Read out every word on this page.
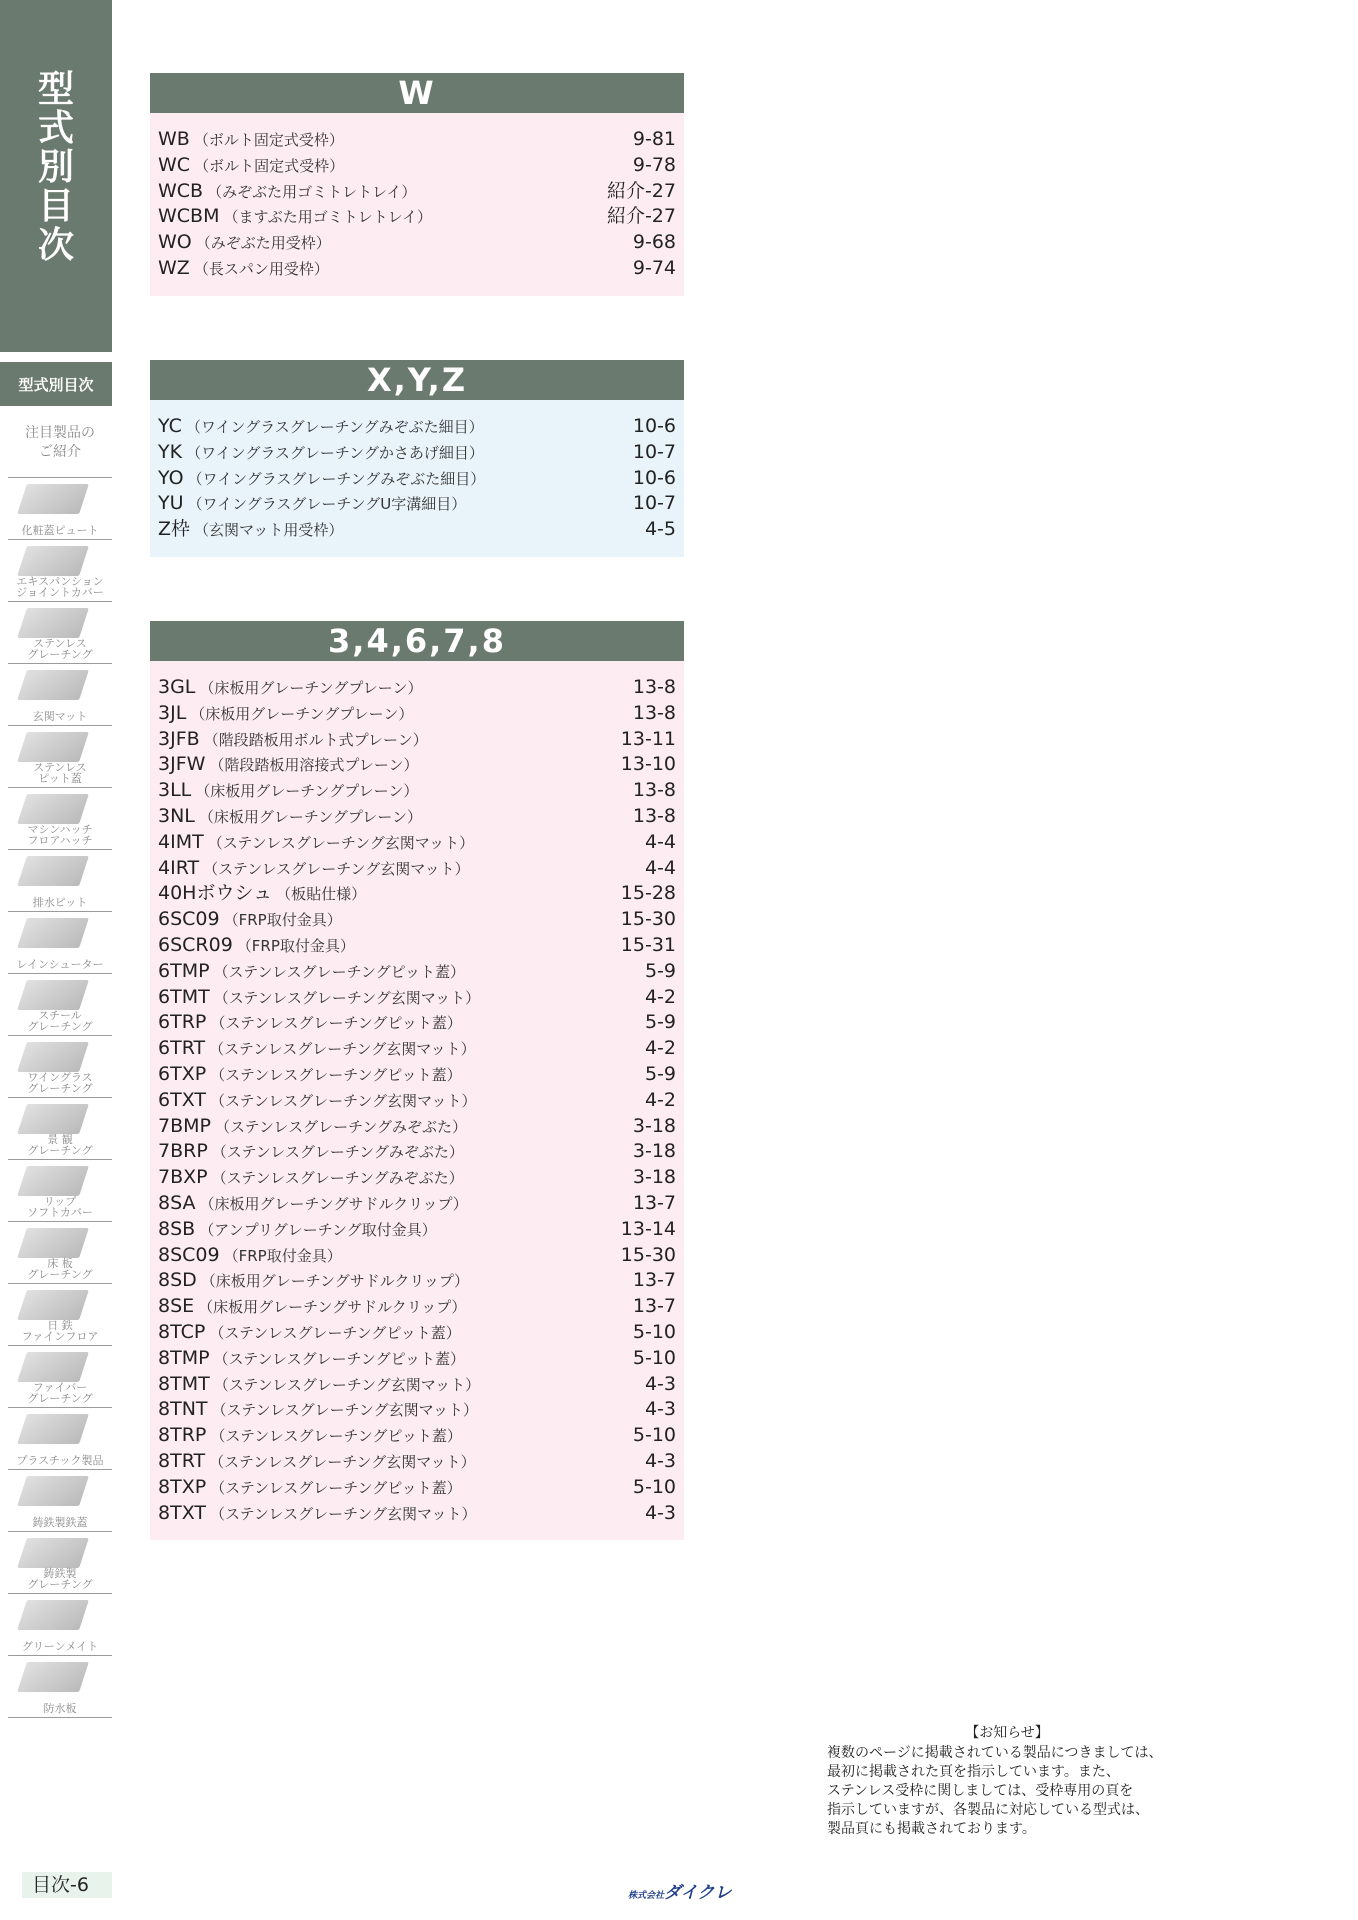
型
式
別
目
次
型式別目次
注目製品の
ご紹介
化粧蓋ピュート
エキスパンション
ジョイントカバー
ステンレス
グレーチング
玄関マット
ステンレス
ピット蓋
マシンハッチ
フロアハッチ
排水ピット
レインシューター
スチール
グレーチング
ワイングラス
グレーチング
景 観
グレーチング
リップ
ソフトカバー
床 板
グレーチング
日 鉄
ファインフロア
ファイバー
グレーチング
プラスチック製品
鋳鉄製鉄蓋
鋳鉄製
グレーチング
グリーンメイト
防水板
W
WB （ボルト固定式受枠）	9-81
WC （ボルト固定式受枠）	9-78
WCB （みぞぶた用ゴミトレトレイ）	紹介-27
WCBM （ますぶた用ゴミトレトレイ）	紹介-27
WO （みぞぶた用受枠）	9-68
WZ （長スパン用受枠）	9-74
X,Y,Z
YC （ワイングラスグレーチングみぞぶた細目）	10-6
YK （ワイングラスグレーチングかさあげ細目）	10-7
YO （ワイングラスグレーチングみぞぶた細目）	10-6
YU （ワイングラスグレーチングU字溝細目）	10-7
Z枠 （玄関マット用受枠）	4-5
3,4,6,7,8
3GL （床板用グレーチングプレーン）	13-8
3JL （床板用グレーチングプレーン）	13-8
3JFB （階段踏板用ボルト式プレーン）	13-11
3JFW （階段踏板用溶接式プレーン）	13-10
3LL （床板用グレーチングプレーン）	13-8
3NL （床板用グレーチングプレーン）	13-8
4IMT （ステンレスグレーチング玄関マット）	4-4
4IRT （ステンレスグレーチング玄関マット）	4-4
40Hボウシュ （板貼仕様）	15-28
6SC09 （FRP取付金具）	15-30
6SCR09 （FRP取付金具）	15-31
6TMP （ステンレスグレーチングピット蓋）	5-9
6TMT （ステンレスグレーチング玄関マット）	4-2
6TRP （ステンレスグレーチングピット蓋）	5-9
6TRT （ステンレスグレーチング玄関マット）	4-2
6TXP （ステンレスグレーチングピット蓋）	5-9
6TXT （ステンレスグレーチング玄関マット）	4-2
7BMP （ステンレスグレーチングみぞぶた）	3-18
7BRP （ステンレスグレーチングみぞぶた）	3-18
7BXP （ステンレスグレーチングみぞぶた）	3-18
8SA （床板用グレーチングサドルクリップ）	13-7
8SB （アンプリグレーチング取付金具）	13-14
8SC09 （FRP取付金具）	15-30
8SD （床板用グレーチングサドルクリップ）	13-7
8SE （床板用グレーチングサドルクリップ）	13-7
8TCP （ステンレスグレーチングピット蓋）	5-10
8TMP （ステンレスグレーチングピット蓋）	5-10
8TMT （ステンレスグレーチング玄関マット）	4-3
8TNT （ステンレスグレーチング玄関マット）	4-3
8TRP （ステンレスグレーチングピット蓋）	5-10
8TRT （ステンレスグレーチング玄関マット）	4-3
8TXP （ステンレスグレーチングピット蓋）	5-10
8TXT （ステンレスグレーチング玄関マット）	4-3
【お知らせ】
複数のページに掲載されている製品につきましては、
最初に掲載された頁を指示しています。また、
ステンレス受枠に関しましては、受枠専用の頁を
指示していますが、各製品に対応している型式は、
製品頁にも掲載されております。
目次-6	株式会社ダイクレ
